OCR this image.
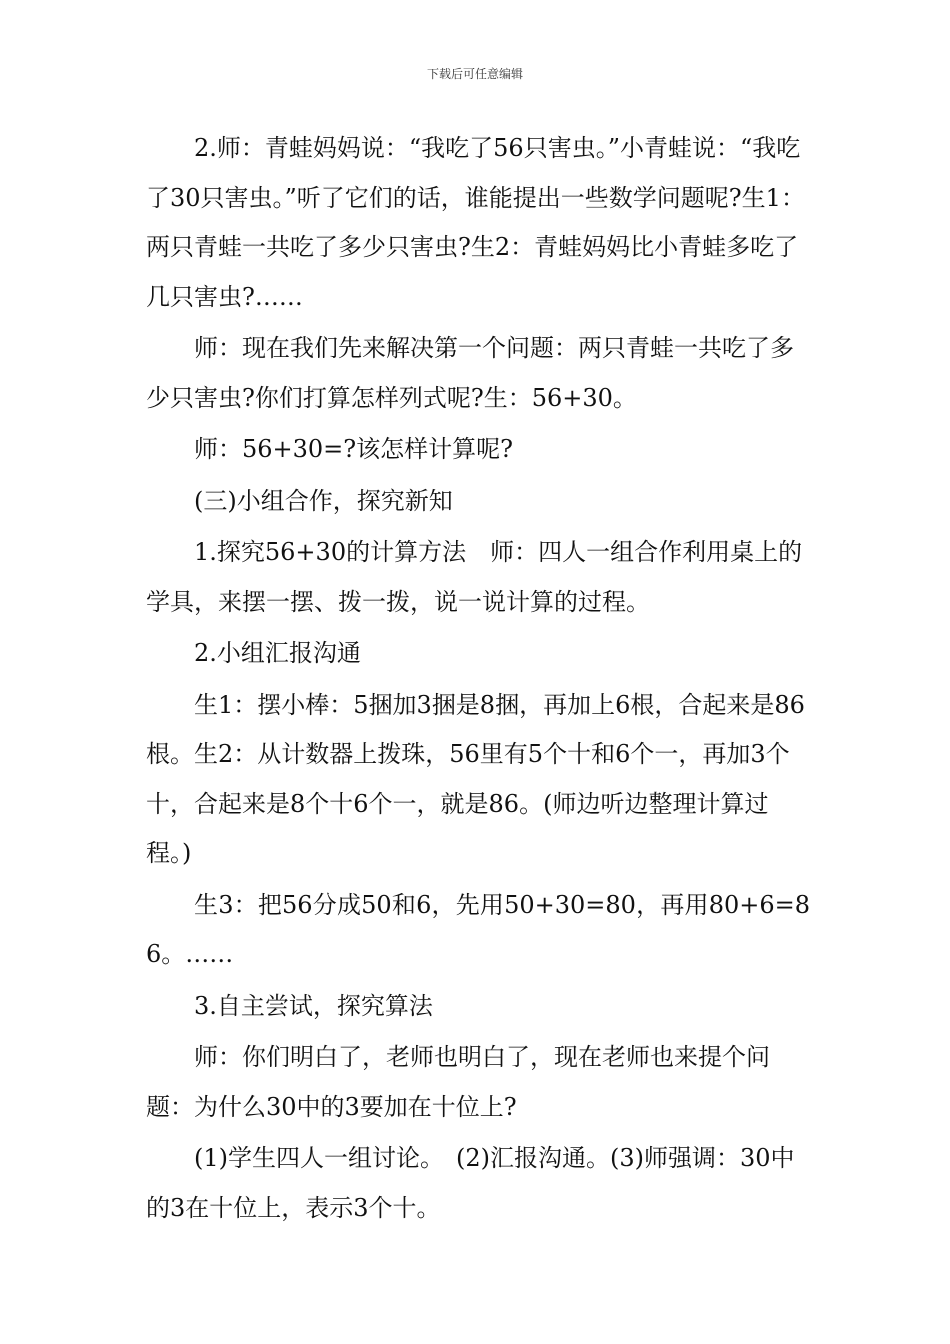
下载后可任意编辑

2.师：青蛙妈妈说：“我吃了56只害虫。”小青蛙说：“我吃了30只害虫。”听了它们的话，谁能提出一些数学问题呢?生1：两只青蛙一共吃了多少只害虫?生2：青蛙妈妈比小青蛙多吃了几只害虫?……

师：现在我们先来解决第一个问题：两只青蛙一共吃了多少只害虫?你们打算怎样列式呢?生：56+30。

师：56+30=?该怎样计算呢?

(三)小组合作，探究新知

1.探究56+30的计算方法　师：四人一组合作利用桌上的学具，来摆一摆、拨一拨，说一说计算的过程。

2.小组汇报沟通

生1：摆小棒：5捆加3捆是8捆，再加上6根，合起来是86根。生2：从计数器上拨珠，56里有5个十和6个一，再加3个十，合起来是8个十6个一，就是86。(师边听边整理计算过程。)

生3：把56分成50和6，先用50+30=80，再用80+6=86。……

3.自主尝试，探究算法

师：你们明白了，老师也明白了，现在老师也来提个问题：为什么30中的3要加在十位上?

(1)学生四人一组讨论。　(2)汇报沟通。(3)师强调：30中的3在十位上，表示3个十。
